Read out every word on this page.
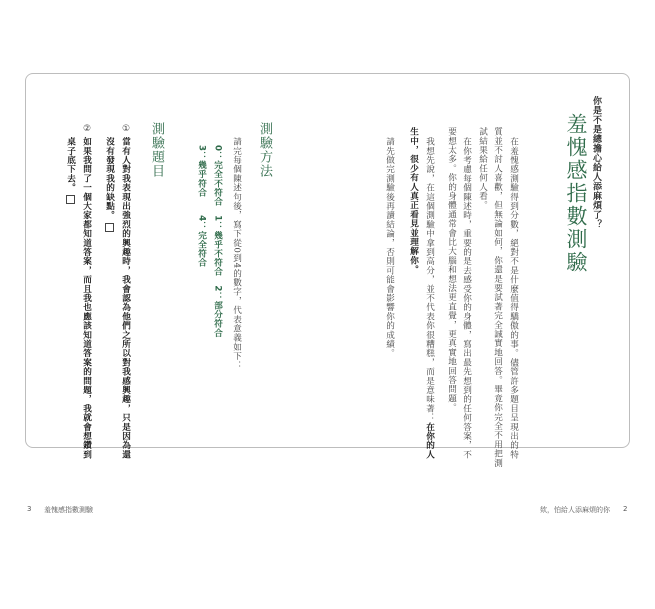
你是不是總擔心給人添麻煩了？
羞愧感指數測驗
在羞愧感測驗得到分數，絕對不是什麼值得驕傲的事。儘管許多題目呈現出的特
質並不討人喜歡，但無論如何，你還是要試著完全誠實地回答。畢竟你完全不用把測
試結果給任何人看。
在你考慮每個陳述時，重要的是去感受你的身體，寫出最先想到的任何答案，不
要想太多。你的身體通常會比大腦和想法更直覺，更真實地回答問題。
我想先說，在這個測驗中拿到高分，並不代表你很糟糕，而是意味著：在你的人
生中，很少有人真正看見並理解你。
請先做完測驗後再讀結論，否則可能會影響你的成績。
測驗方法
請完每個陳述句後，寫下從0到4的數字，代表意義如下：
0：完全不符合　1：幾乎不符合　2：部分符合
3：幾乎符合　　4：完全符合
測驗題目
①
當有人對我表現出強烈的興趣時，我會認為他們之所以對我感興趣，只是因為還
沒有發現我的缺點。
②
如果我問了一個大家都知道答案，而且我也應該知道答案的問題，我就會想鑽到
桌子底下去。
3 羞愧感指數測驗	欸，怕給人添麻煩的你 2
